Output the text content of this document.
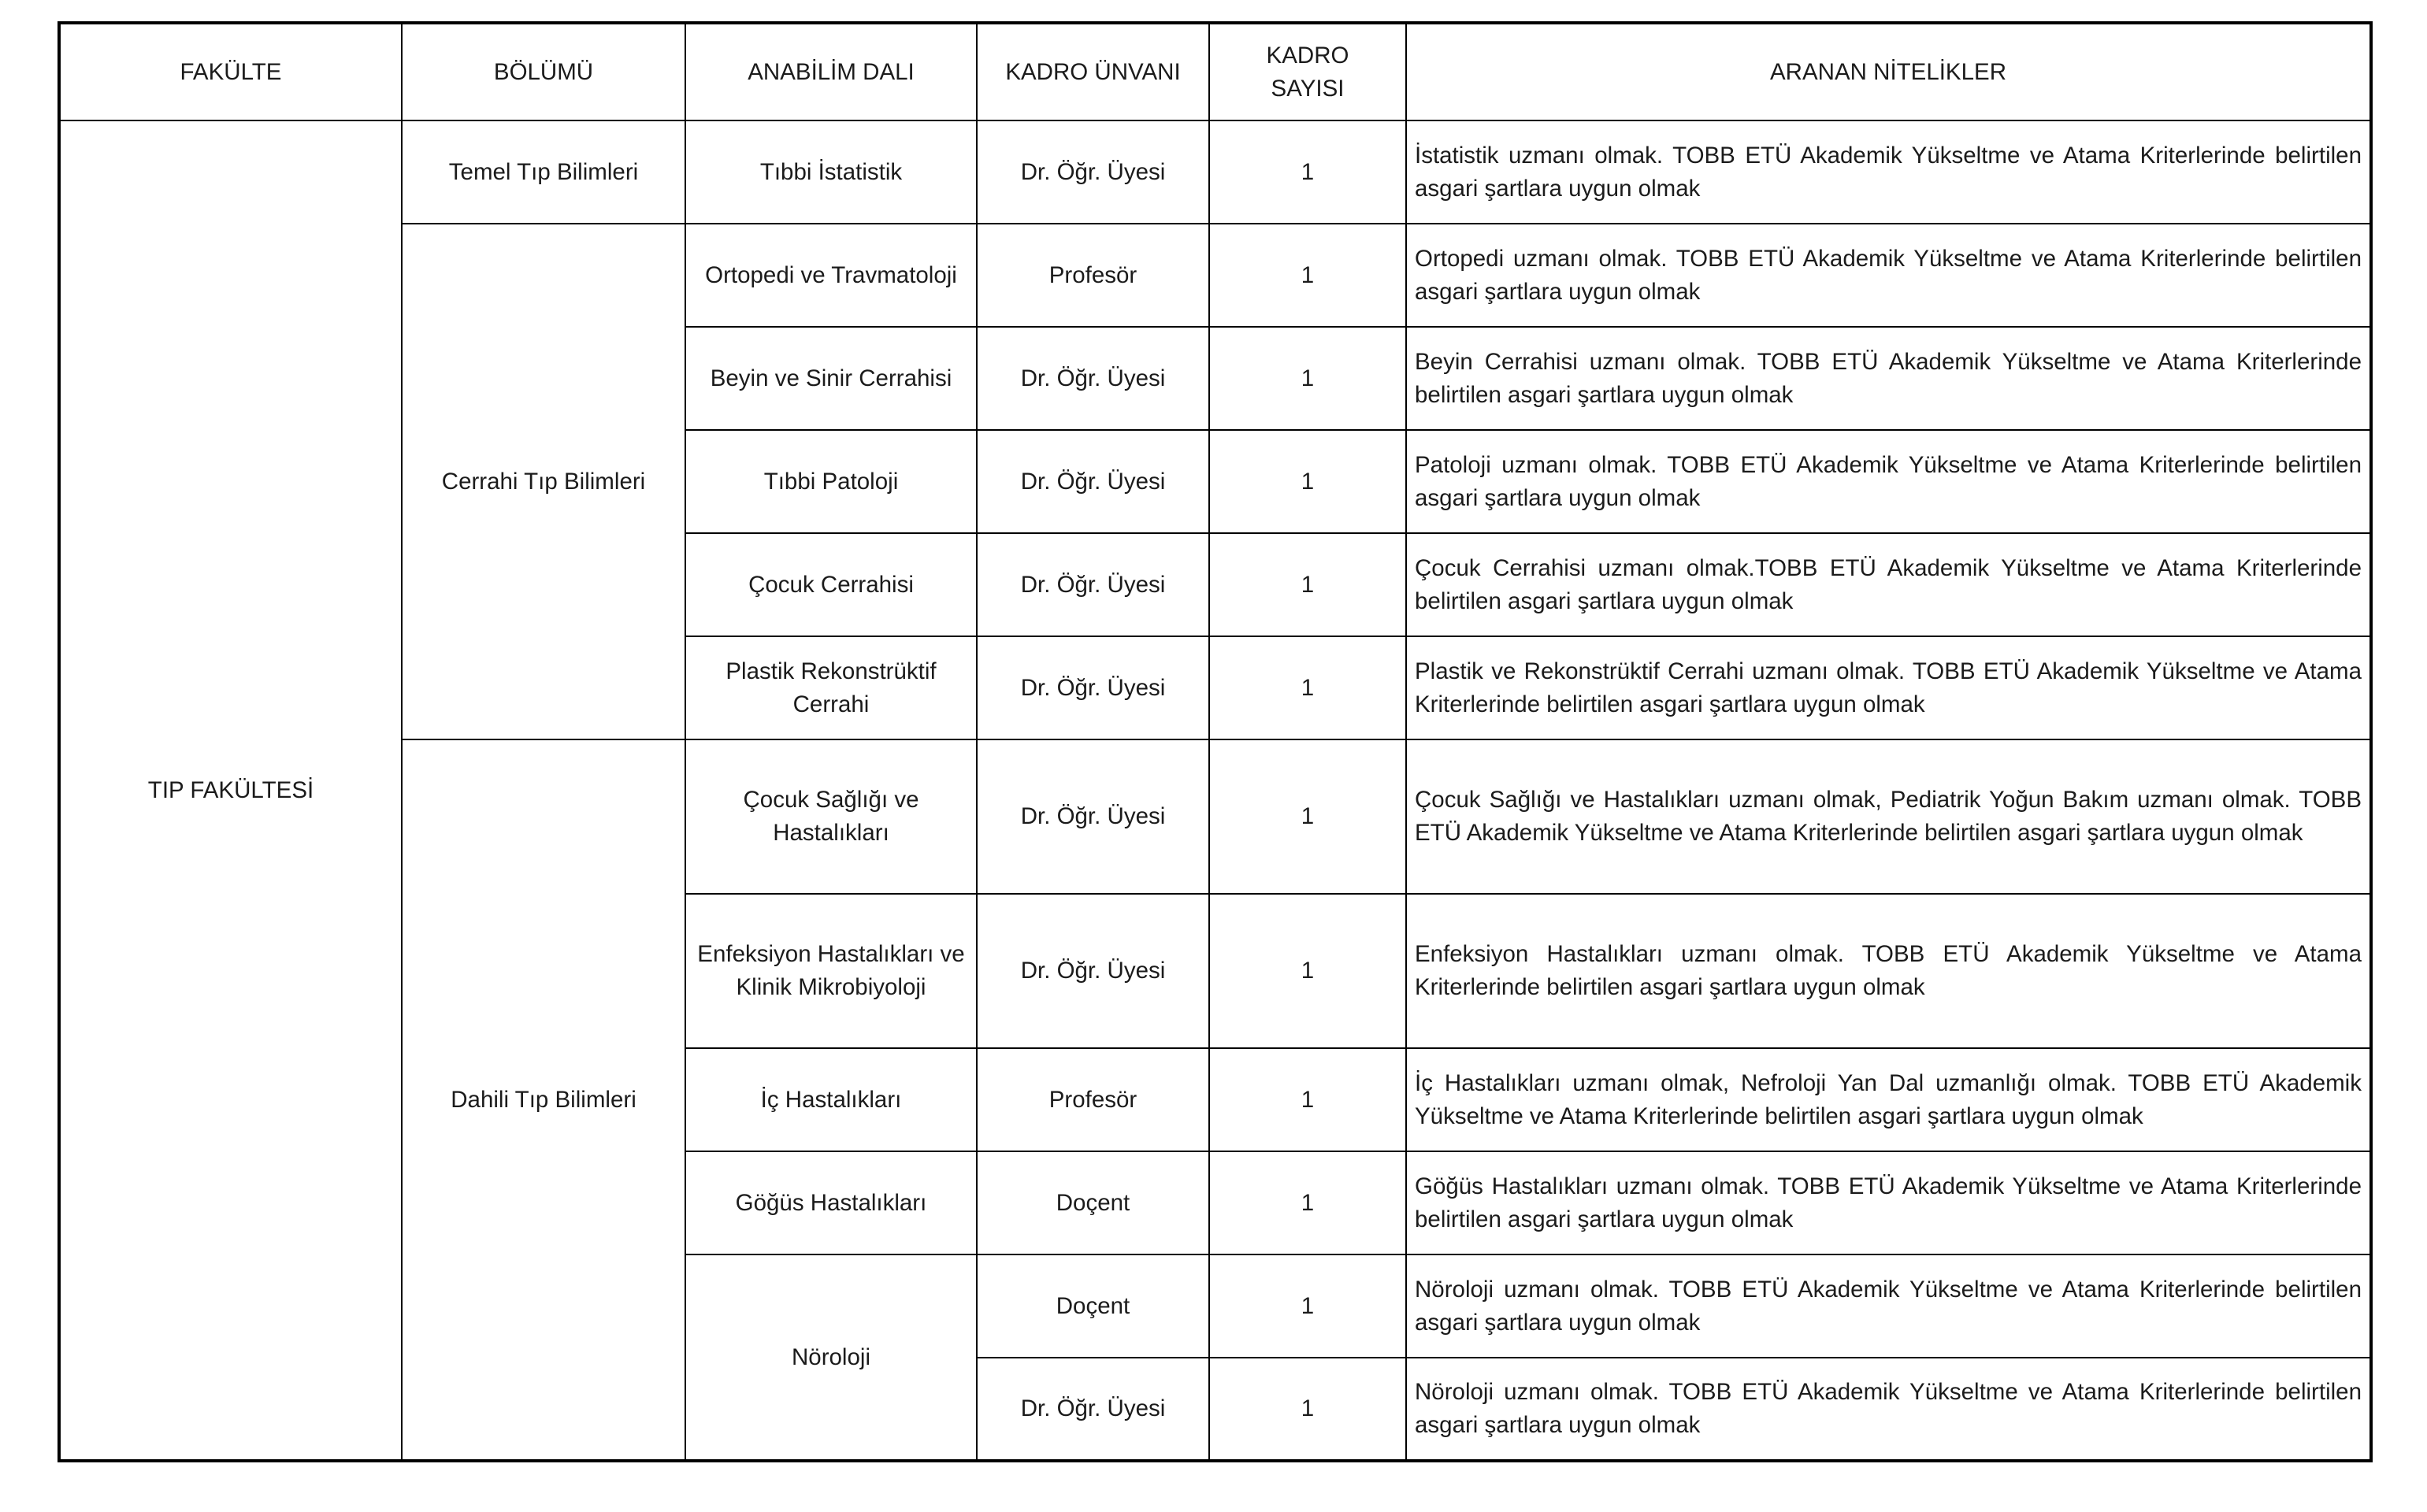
FAKÜLTE	BÖLÜMÜ	ANABİLİM DALI	KADRO ÜNVANI	KADRO SAYISI	ARANAN NİTELİKLER
TIP FAKÜLTESİ	Temel Tıp Bilimleri	Tıbbi İstatistik	Dr. Öğr. Üyesi	1	İstatistik uzmanı olmak. TOBB ETÜ Akademik Yükseltme ve Atama Kriterlerinde belirtilen asgari şartlara uygun olmak
	Cerrahi Tıp Bilimleri	Ortopedi ve Travmatoloji	Profesör	1	Ortopedi uzmanı olmak. TOBB ETÜ Akademik Yükseltme ve Atama Kriterlerinde belirtilen asgari şartlara uygun olmak
		Beyin ve Sinir Cerrahisi	Dr. Öğr. Üyesi	1	Beyin Cerrahisi uzmanı olmak. TOBB ETÜ Akademik Yükseltme ve Atama Kriterlerinde belirtilen asgari şartlara uygun olmak
		Tıbbi Patoloji	Dr. Öğr. Üyesi	1	Patoloji uzmanı olmak. TOBB ETÜ Akademik Yükseltme ve Atama Kriterlerinde belirtilen asgari şartlara uygun olmak
		Çocuk Cerrahisi	Dr. Öğr. Üyesi	1	Çocuk Cerrahisi uzmanı olmak.TOBB ETÜ Akademik Yükseltme ve Atama Kriterlerinde belirtilen asgari şartlara uygun olmak
		Plastik Rekonstrüktif Cerrahi	Dr. Öğr. Üyesi	1	Plastik ve Rekonstrüktif Cerrahi uzmanı olmak. TOBB ETÜ Akademik Yükseltme ve Atama Kriterlerinde belirtilen asgari şartlara uygun olmak
	Dahili Tıp Bilimleri	Çocuk Sağlığı ve Hastalıkları	Dr. Öğr. Üyesi	1	Çocuk Sağlığı ve Hastalıkları uzmanı olmak, Pediatrik Yoğun Bakım uzmanı olmak. TOBB ETÜ Akademik Yükseltme ve Atama Kriterlerinde belirtilen asgari şartlara uygun olmak
		Enfeksiyon Hastalıkları ve Klinik Mikrobiyoloji	Dr. Öğr. Üyesi	1	Enfeksiyon Hastalıkları uzmanı olmak. TOBB ETÜ Akademik Yükseltme ve Atama Kriterlerinde belirtilen asgari şartlara uygun olmak
		İç Hastalıkları	Profesör	1	İç Hastalıkları uzmanı olmak, Nefroloji Yan Dal uzmanlığı olmak. TOBB ETÜ Akademik Yükseltme ve Atama Kriterlerinde belirtilen asgari şartlara uygun olmak
		Göğüs Hastalıkları	Doçent	1	Göğüs Hastalıkları uzmanı olmak. TOBB ETÜ Akademik Yükseltme ve Atama Kriterlerinde belirtilen asgari şartlara uygun olmak
		Nöroloji	Doçent	1	Nöroloji uzmanı olmak. TOBB ETÜ Akademik Yükseltme ve Atama Kriterlerinde belirtilen asgari şartlara uygun olmak
			Dr. Öğr. Üyesi	1	Nöroloji uzmanı olmak. TOBB ETÜ Akademik Yükseltme ve Atama Kriterlerinde belirtilen asgari şartlara uygun olmak
